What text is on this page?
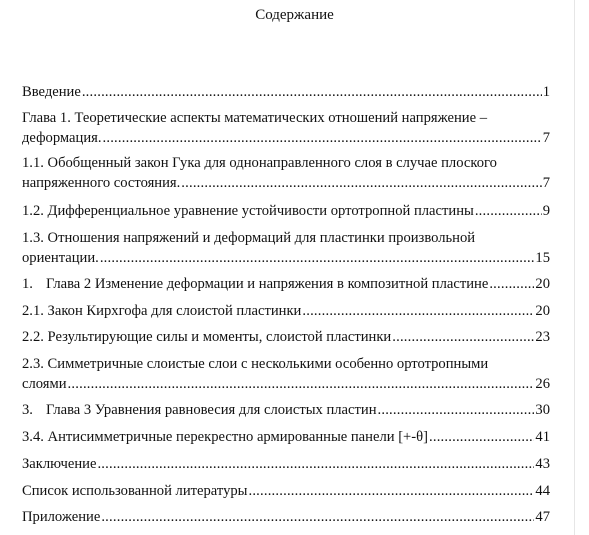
Содержание
Введение .....	1
Глава 1. Теоретические аспекты математических отношений напряжение –
деформация. .....	7
1.1. Обобщенный закон Гука для однонаправленного слоя в случае плоского
напряженного состояния. .....	7
1.2. Дифференциальное уравнение устойчивости ортотропной пластины .....	9
1.3. Отношения напряжений и деформаций для пластинки произвольной
ориентации. .....	15
1. Глава 2 Изменение деформации и напряжения в композитной пластине .....	20
2.1. Закон Кирхгофа для слоистой пластинки .....	20
2.2. Результирующие силы и моменты, слоистой пластинки .....	23
2.3. Симметричные слоистые слои с несколькими особенно ортотропными
слоями .....	26
3. Глава 3 Уравнения равновесия для слоистых пластин .....	30
3.4. Антисимметричные перекрестно армированные панели [+-θ] .....	41
Заключение .....	43
Список использованной литературы .....	44
Приложение .....	47
